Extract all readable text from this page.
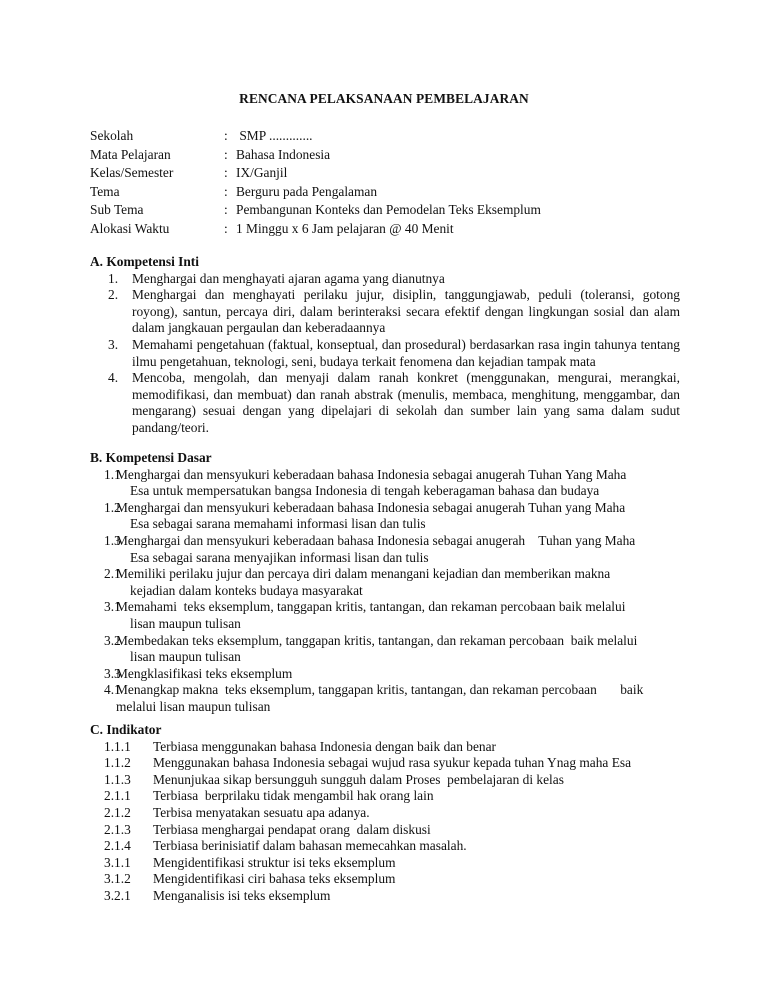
RENCANA PELAKSANAAN PEMBELAJARAN
Sekolah	: SMP .............
Mata Pelajaran	: Bahasa Indonesia
Kelas/Semester	: IX/Ganjil
Tema	: Berguru pada Pengalaman
Sub Tema	: Pembangunan Konteks dan Pemodelan Teks Eksemplum
Alokasi Waktu	: 1 Minggu x 6 Jam pelajaran @ 40 Menit
A. Kompetensi Inti
1. Menghargai dan menghayati ajaran agama yang dianutnya
2. Menghargai dan menghayati perilaku jujur, disiplin, tanggungjawab, peduli (toleransi, gotong royong), santun, percaya diri, dalam berinteraksi secara efektif dengan lingkungan sosial dan alam dalam jangkauan pergaulan dan keberadaannya
3. Memahami pengetahuan (faktual, konseptual, dan prosedural) berdasarkan rasa ingin tahunya tentang ilmu pengetahuan, teknologi, seni, budaya terkait fenomena dan kejadian tampak mata
4. Mencoba, mengolah, dan menyaji dalam ranah konkret (menggunakan, mengurai, merangkai, memodifikasi, dan membuat) dan ranah abstrak (menulis, membaca, menghitung, menggambar, dan mengarang) sesuai dengan yang dipelajari di sekolah dan sumber lain yang sama dalam sudut pandang/teori.
B. Kompetensi Dasar
1.1
Menghargai dan mensyukuri keberadaan bahasa Indonesia sebagai anugerah Tuhan Yang Maha
Esa untuk mempersatukan bangsa Indonesia di tengah keberagaman bahasa dan budaya
1.2
Menghargai dan mensyukuri keberadaan bahasa Indonesia sebagai anugerah Tuhan yang Maha
Esa sebagai sarana memahami informasi lisan dan tulis
1.3
Menghargai dan mensyukuri keberadaan bahasa Indonesia sebagai anugerah    Tuhan yang Maha
Esa sebagai sarana menyajikan informasi lisan dan tulis
2.1
Memiliki perilaku jujur dan percaya diri dalam menangani kejadian dan memberikan makna
kejadian dalam konteks budaya masyarakat
3.1
Memahami  teks eksemplum, tanggapan kritis, tantangan, dan rekaman percobaan baik melalui
lisan maupun tulisan
3.2
Membedakan teks eksemplum, tanggapan kritis, tantangan, dan rekaman percobaan  baik melalui
lisan maupun tulisan
3.3
Mengklasifikasi teks eksemplum
4.1
Menangkap makna  teks eksemplum, tanggapan kritis, tantangan, dan rekaman percobaan       baik
melalui lisan maupun tulisan
C. Indikator
1.1.1 Terbiasa menggunakan bahasa Indonesia dengan baik dan benar
1.1.2 Menggunakan bahasa Indonesia sebagai wujud rasa syukur kepada tuhan Ynag maha Esa
1.1.3 Menunjukaa sikap bersungguh sungguh dalam Proses  pembelajaran di kelas
2.1.1 Terbiasa  berprilaku tidak mengambil hak orang lain
2.1.2 Terbisa menyatakan sesuatu apa adanya.
2.1.3 Terbiasa menghargai pendapat orang  dalam diskusi
2.1.4 Terbiasa berinisiatif dalam bahasan memecahkan masalah.
3.1.1 Mengidentifikasi struktur isi teks eksemplum
3.1.2 Mengidentifikasi ciri bahasa teks eksemplum
3.2.1 Menganalisis isi teks eksemplum
